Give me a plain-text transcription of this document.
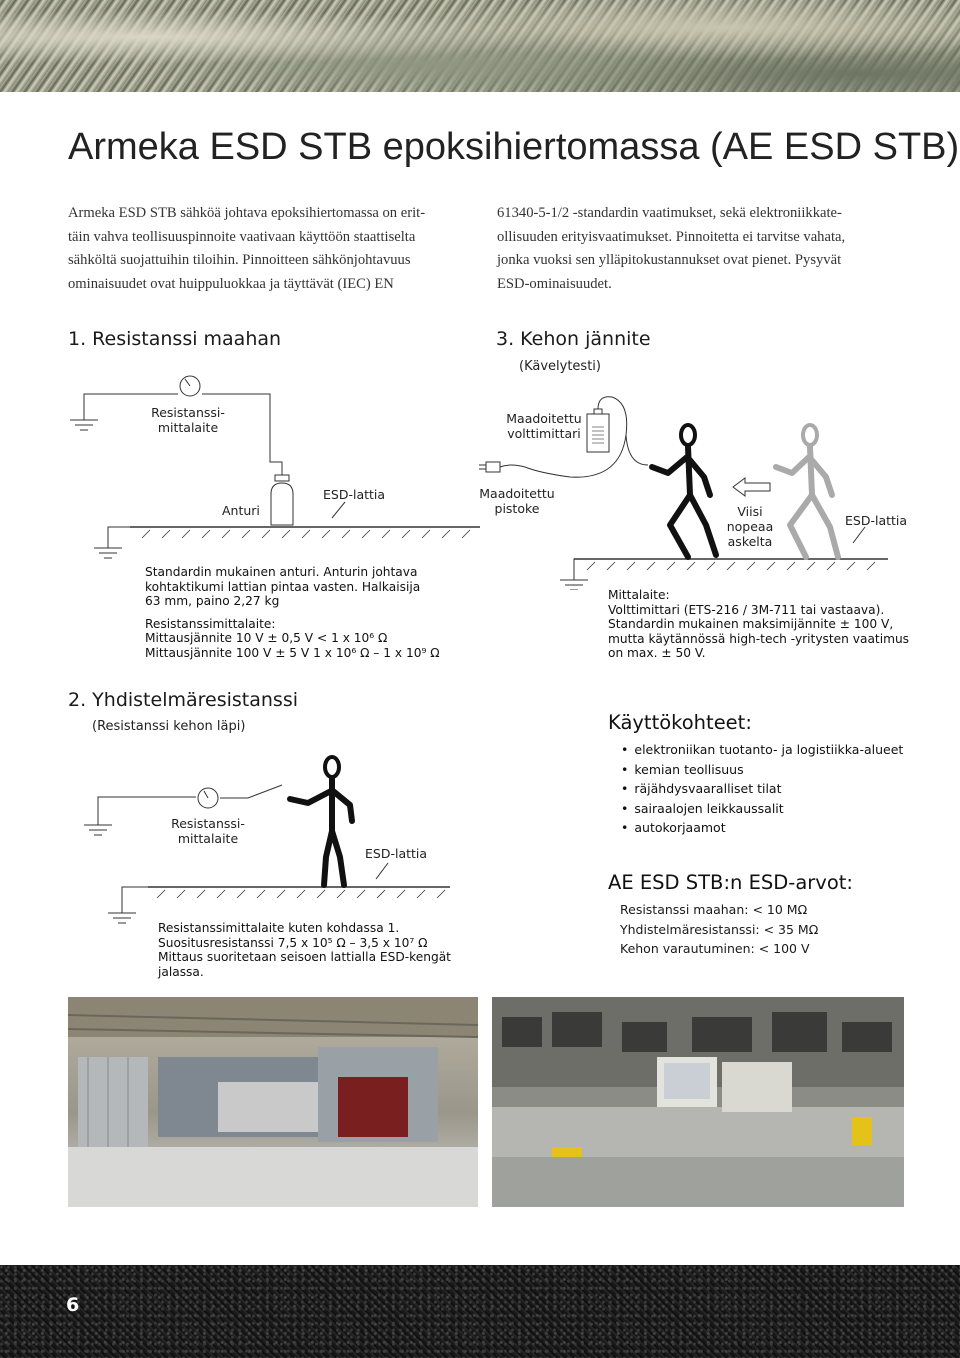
Armeka ESD STB epoksihiertomassa (AE ESD STB)
Armeka ESD STB sähköä johtava epoksihiertomassa on erit-
täin vahva teollisuuspinnoite vaativaan käyttöön staattiselta
sähköltä suojattuihin tiloihin. Pinnoitteen sähkönjohtavuus
ominaisuudet ovat huippuluokkaa ja täyttävät (IEC) EN
61340-5-1/2 -standardin vaatimukset, sekä elektroniikkate-
ollisuuden erityisvaatimukset. Pinnoitetta ei tarvitse vahata,
jonka vuoksi sen ylläpitokustannukset ovat pienet. Pysyvät
ESD-ominaisuudet.
1. Resistanssi maahan
Resistanssi-
mittalaite
Anturi
ESD-lattia

Standardin mukainen anturi. Anturin johtava

kohtaktikumi lattian pintaa vasten. Halkaisija

63 mm, paino 2,27 kg

Resistanssimittalaite:

Mittausjännite 10 V ± 0,5 V < 1 x 10⁶ Ω

Mittausjännite 100 V ± 5 V 1 x 10⁶ Ω – 1 x 10⁹ Ω

3. Kehon jännite
(Kävelytesti)
Maadoitettu
volttimittari
Maadoitettu
pistoke	Viisi
nopeaa
askelta
ESD-lattia

Mittalaite:

Volttimittari (ETS-216 / 3M-711 tai vastaava).

Standardin mukainen maksimijännite ± 100 V,

mutta käytännössä high-tech -yritysten vaatimus

on max. ± 50 V.

2. Yhdistelmäresistanssi
(Resistanssi kehon läpi)
Resistanssi-
mittalaite
ESD-lattia

Resistanssimittalaite kuten kohdassa 1.

Suositusresistanssi 7,5 x 10⁵ Ω – 3,5 x 10⁷ Ω

Mittaus suoritetaan seisoen lattialla ESD-kengät

jalassa.

Käyttökohteet:
• elektroniikan tuotanto- ja logistiikka-alueet
• kemian teollisuus
• räjähdysvaaralliset tilat
• sairaalojen leikkaussalit
• autokorjaamot
AE ESD STB:n ESD-arvot:

Resistanssi maahan: < 10 MΩ

Yhdistelmäresistanssi: < 35 MΩ

Kehon varautuminen: < 100 V

6
